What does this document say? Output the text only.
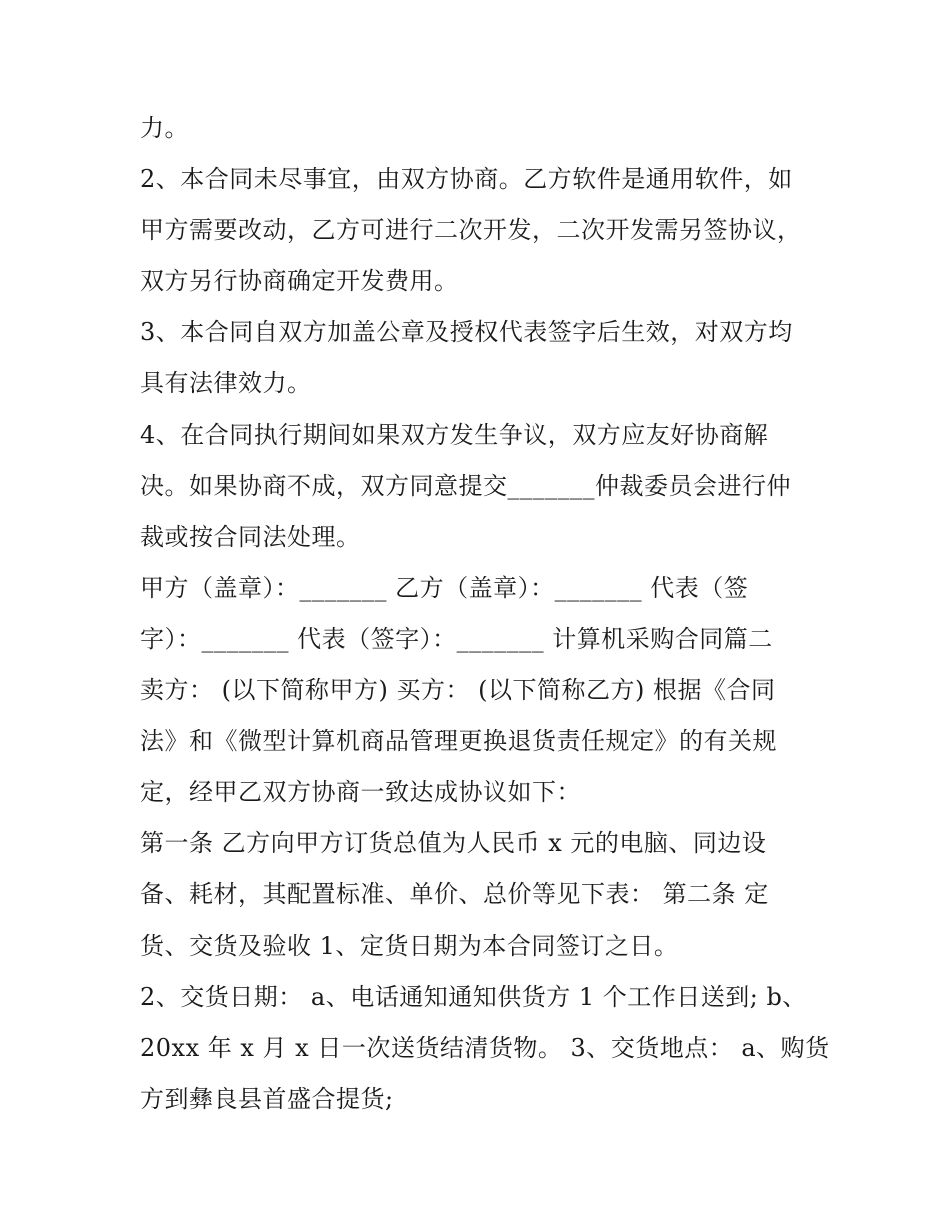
力。
2、本合同未尽事宜，由双方协商。乙方软件是通用软件，如
甲方需要改动，乙方可进行二次开发，二次开发需另签协议，
双方另行协商确定开发费用。
3、本合同自双方加盖公章及授权代表签字后生效，对双方均
具有法律效力。
4、在合同执行期间如果双方发生争议，双方应友好协商解
决。如果协商不成，双方同意提交_______仲裁委员会进行仲
裁或按合同法处理。
甲方（盖章）：_______ 乙方（盖章）：_______ 代表（签
字）：_______ 代表（签字）：_______ 计算机采购合同篇二
卖方： (以下简称甲方) 买方： (以下简称乙方) 根据《合同
法》和《微型计算机商品管理更换退货责任规定》的有关规
定，经甲乙双方协商一致达成协议如下：
第一条 乙方向甲方订货总值为人民币 x 元的电脑、同边设
备、耗材，其配置标准、单价、总价等见下表： 第二条 定
货、交货及验收 1、定货日期为本合同签订之日。
2、交货日期： a、电话通知通知供货方 1 个工作日送到; b、
20xx 年 x 月 x 日一次送货结清货物。 3、交货地点： a、购货
方到彝良县首盛合提货;
